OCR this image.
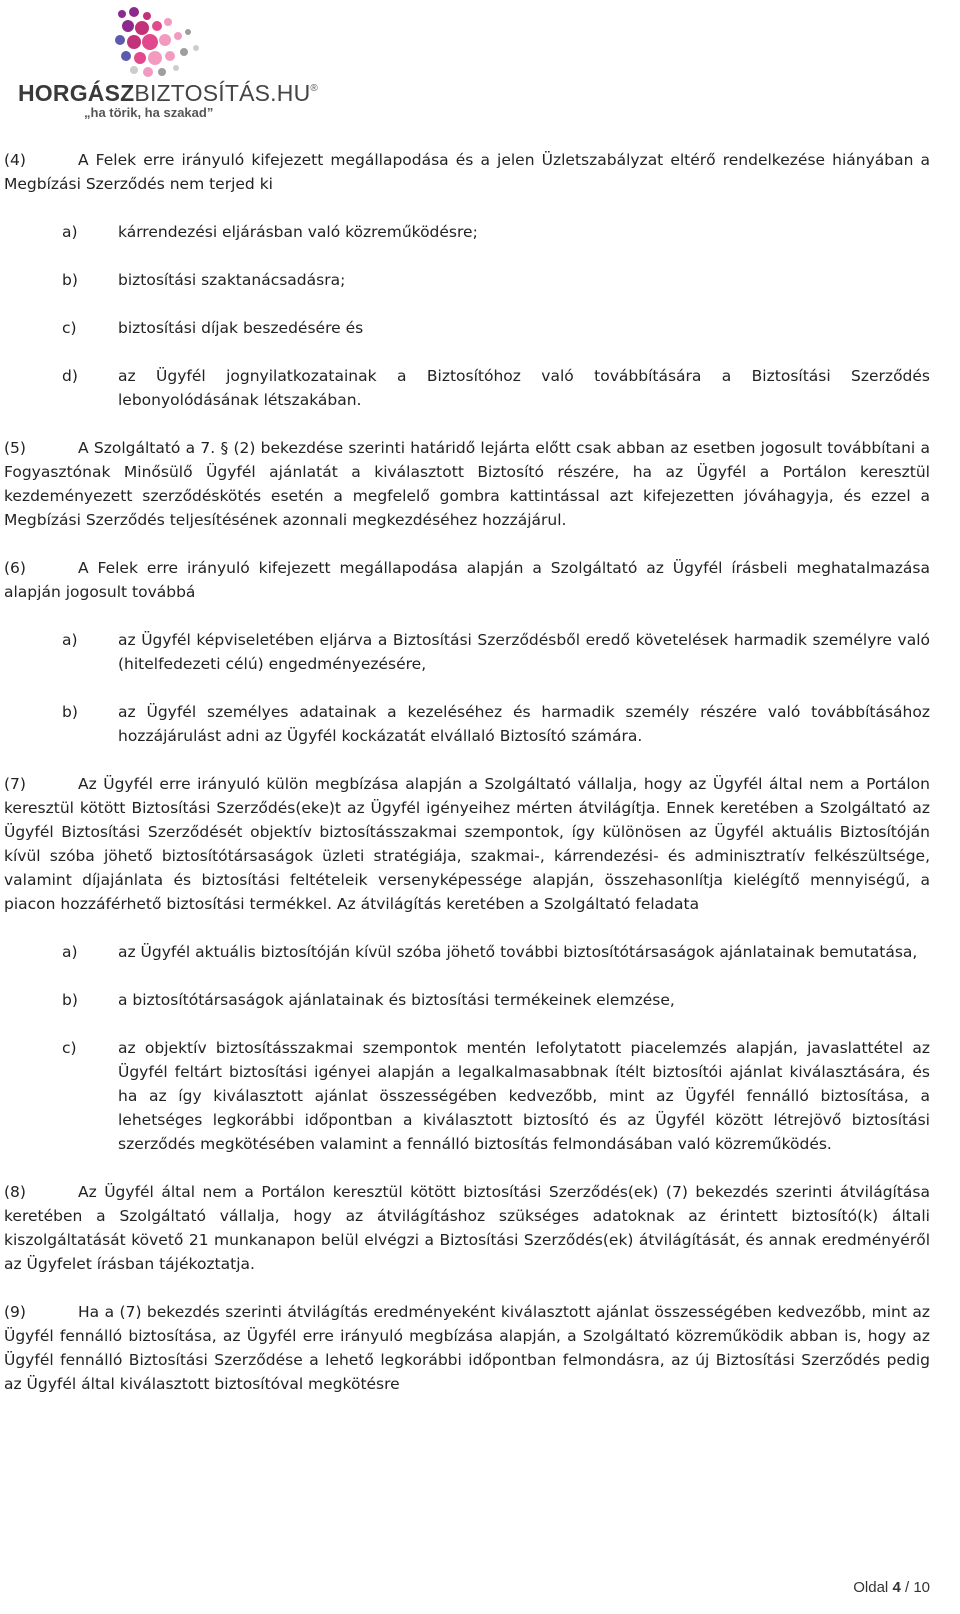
HORGÁSZBIZTOSÍTÁS.HU®
„ha törik, ha szakad”

(4)	A Felek erre irányuló kifejezett megállapodása és a jelen Üzletszabályzat eltérő rendelkezése hiányában a Megbízási Szerződés nem terjed ki

a)	kárrendezési eljárásban való közreműködésre;
b)	biztosítási szaktanácsadásra;
c)	biztosítási díjak beszedésére és
d)	az Ügyfél jognyilatkozatainak a Biztosítóhoz való továbbítására a Biztosítási Szerződés lebonyolódásának létszakában.

(5)	A Szolgáltató a 7. § (2) bekezdése szerinti határidő lejárta előtt csak abban az esetben jogosult továbbítani a Fogyasztónak Minősülő Ügyfél ajánlatát a kiválasztott Biztosító részére, ha az Ügyfél a Portálon keresztül kezdeményezett szerződéskötés esetén a megfelelő gombra kattintással azt kifejezetten jóváhagyja, és ezzel a Megbízási Szerződés teljesítésének azonnali megkezdéséhez hozzájárul.

(6)	A Felek erre irányuló kifejezett megállapodása alapján a Szolgáltató az Ügyfél írásbeli meghatalmazása alapján jogosult továbbá

a)	az Ügyfél képviseletében eljárva a Biztosítási Szerződésből eredő követelések harmadik személyre való (hitelfedezeti célú) engedményezésére,
b)	az Ügyfél személyes adatainak a kezeléséhez és harmadik személy részére való továbbításához hozzájárulást adni az Ügyfél kockázatát elvállaló Biztosító számára.

(7)	Az Ügyfél erre irányuló külön megbízása alapján a Szolgáltató vállalja, hogy az Ügyfél által nem a Portálon keresztül kötött Biztosítási Szerződés(eke)t az Ügyfél igényeihez mérten átvilágítja. Ennek keretében a Szolgáltató az Ügyfél Biztosítási Szerződését objektív biztosításszakmai szempontok, így különösen az Ügyfél aktuális Biztosítóján kívül szóba jöhető biztosítótársaságok üzleti stratégiája, szakmai-, kárrendezési- és adminisztratív felkészültsége, valamint díjajánlata és biztosítási feltételeik versenyképessége alapján, összehasonlítja kielégítő mennyiségű, a piacon hozzáférhető biztosítási termékkel. Az átvilágítás keretében a Szolgáltató feladata

a)	az Ügyfél aktuális biztosítóján kívül szóba jöhető további biztosítótársaságok ajánlatainak bemutatása,
b)	a biztosítótársaságok ajánlatainak és biztosítási termékeinek elemzése,
c)	az objektív biztosításszakmai szempontok mentén lefolytatott piacelemzés alapján, javaslattétel az Ügyfél feltárt biztosítási igényei alapján a legalkalmasabbnak ítélt biztosítói ajánlat kiválasztására, és ha az így kiválasztott ajánlat összességében kedvezőbb, mint az Ügyfél fennálló biztosítása, a lehetséges legkorábbi időpontban a kiválasztott biztosító és az Ügyfél között létrejövő biztosítási szerződés megkötésében valamint a fennálló biztosítás felmondásában való közreműködés.

(8)	Az Ügyfél által nem a Portálon keresztül kötött biztosítási Szerződés(ek) (7) bekezdés szerinti átvilágítása keretében a Szolgáltató vállalja, hogy az átvilágításhoz szükséges adatoknak az érintett biztosító(k) általi kiszolgáltatását követő 21 munkanapon belül elvégzi a Biztosítási Szerződés(ek) átvilágítását, és annak eredményéről az Ügyfelet írásban tájékoztatja.

(9)	Ha a (7) bekezdés szerinti átvilágítás eredményeként kiválasztott ajánlat összességében kedvezőbb, mint az Ügyfél fennálló biztosítása, az Ügyfél erre irányuló megbízása alapján, a Szolgáltató közreműködik abban is, hogy az Ügyfél fennálló Biztosítási Szerződése a lehető legkorábbi időpontban felmondásra, az új Biztosítási Szerződés pedig az Ügyfél által kiválasztott biztosítóval megkötésre

Oldal 4 / 10
